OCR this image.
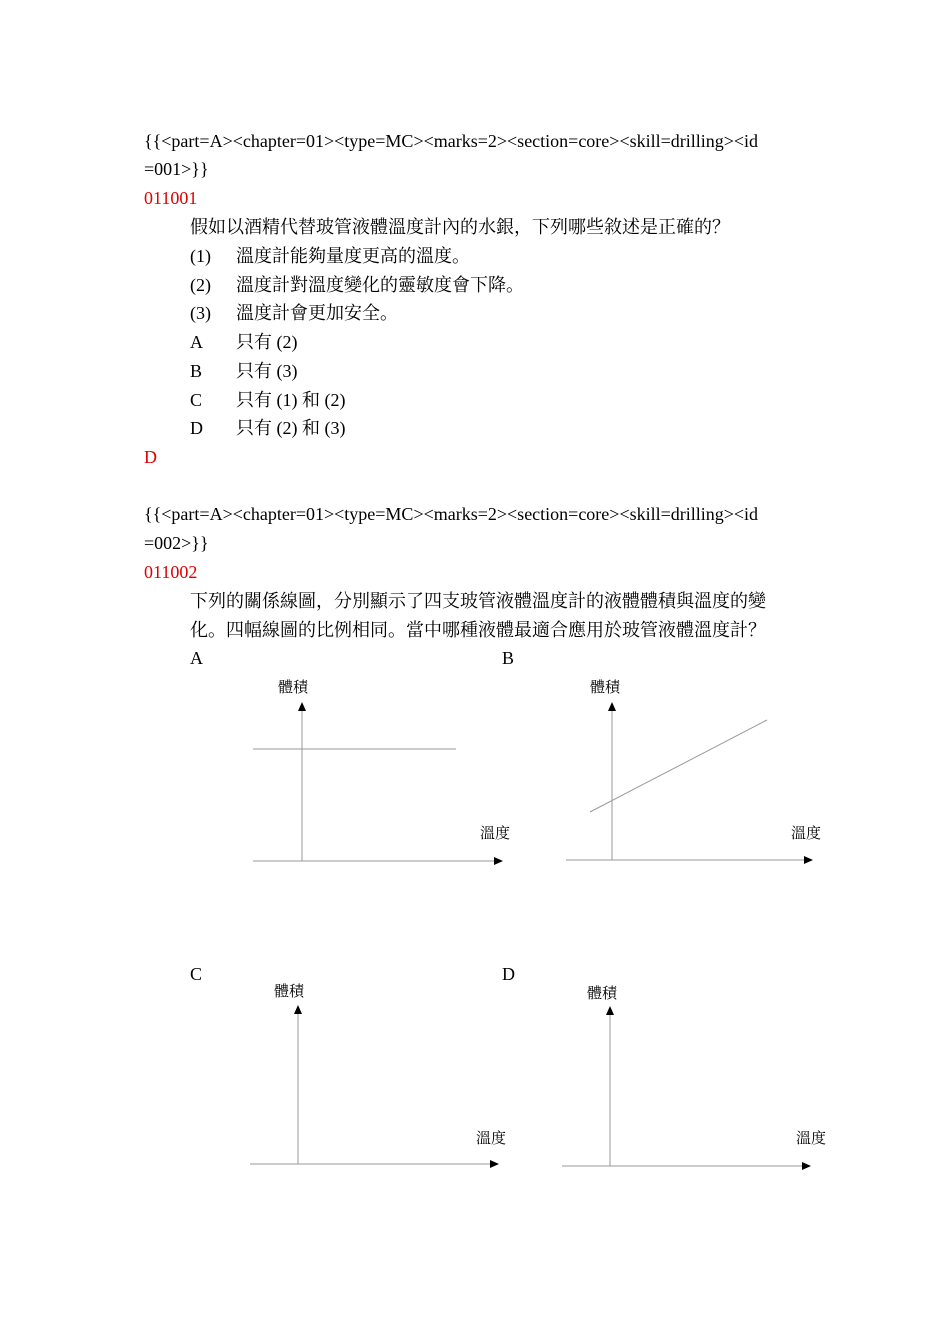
{{<part=A><chapter=01><type=MC><marks=2><section=core><skill=drilling><id
=001>}}
011001
假如以酒精代替玻管液體溫度計內的水銀，下列哪些敘述是正確的？
(1) 溫度計能夠量度更高的溫度。
(2) 溫度計對溫度變化的靈敏度會下降。
(3) 溫度計會更加安全。
A 只有 (2)
B 只有 (3)
C 只有 (1) 和 (2)
D 只有 (2) 和 (3)
D
{{<part=A><chapter=01><type=MC><marks=2><section=core><skill=drilling><id
=002>}}
011002
下列的關係線圖，分別顯示了四支玻管液體溫度計的液體體積與溫度的變
化。四幅線圖的比例相同。當中哪種液體最適合應用於玻管液體溫度計？
A	B
C	D
體積
溫度
體積
溫度
體積
溫度
體積
溫度
